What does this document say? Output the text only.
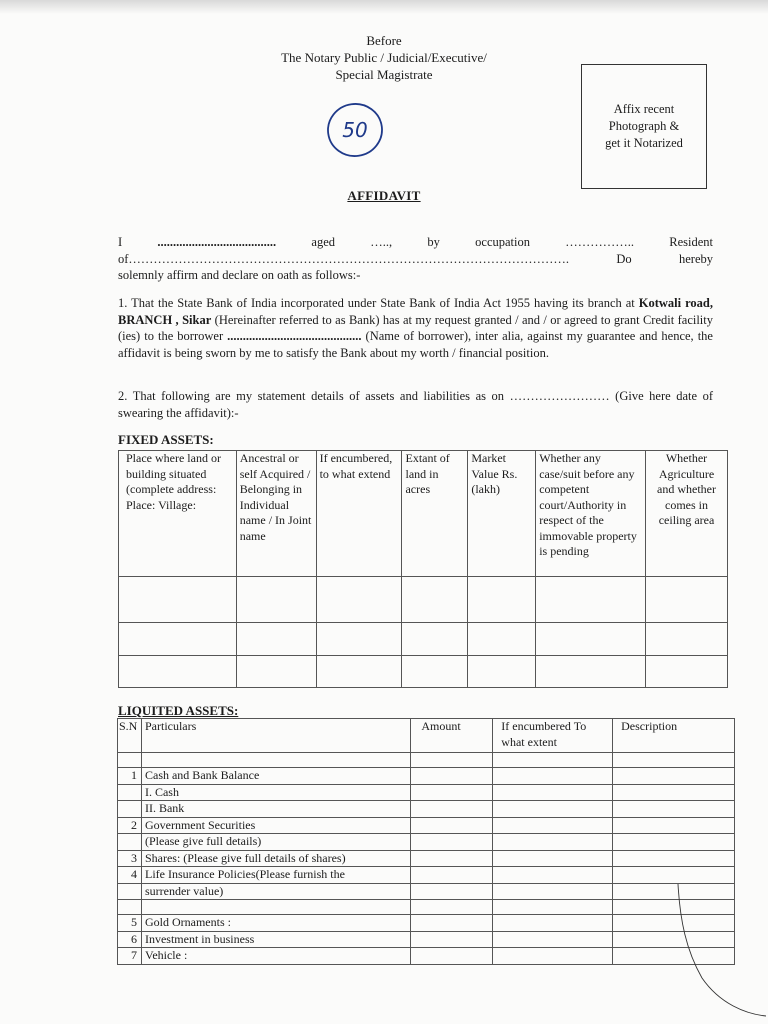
Before
The Notary Public / Judicial/Executive/
Special Magistrate
Affix recent
Photograph &
get it Notarized
50
AFFIDAVIT
I	......................................	aged	…..,	by	occupation	……………..	Resident
of…………………………………………………………………………………………….	Do	hereby
solemnly affirm and declare on oath as follows:-
1. That the State Bank of India incorporated under State Bank of India Act 1955 having its branch at Kotwali road, BRANCH , Sikar (Hereinafter referred to as Bank) has at my request granted / and / or agreed to grant Credit facility (ies) to the borrower ........................................... (Name of borrower), inter alia, against my guarantee and hence, the affidavit is being sworn by me to satisfy the Bank about my worth / financial position.
2. That following are my statement details of assets and liabilities as on …………………… (Give here date of swearing the affidavit):-
FIXED ASSETS:
Place where land or building situated (complete address: Place: Village:	Ancestral or self Acquired / Belonging in Individual name / In Joint name	If encumbered, to what extend	Extant of land in acres	Market Value Rs. (lakh)	Whether any case/suit before any competent court/Authority in respect of the immovable property is pending	Whether Agriculture and whether comes in ceiling area

LIQUITED ASSETS:
S.N	Particulars	Amount	If encumbered To what extent	Description

1	Cash and Bank Balance			
	I. Cash			
	II. Bank			
2	Government Securities			
	(Please give full details)			
3	Shares: (Please give full details of shares)			
4	Life Insurance Policies(Please furnish the			
	surrender value)			

5	Gold Ornaments :			
6	Investment in business			
7	Vehicle :			
